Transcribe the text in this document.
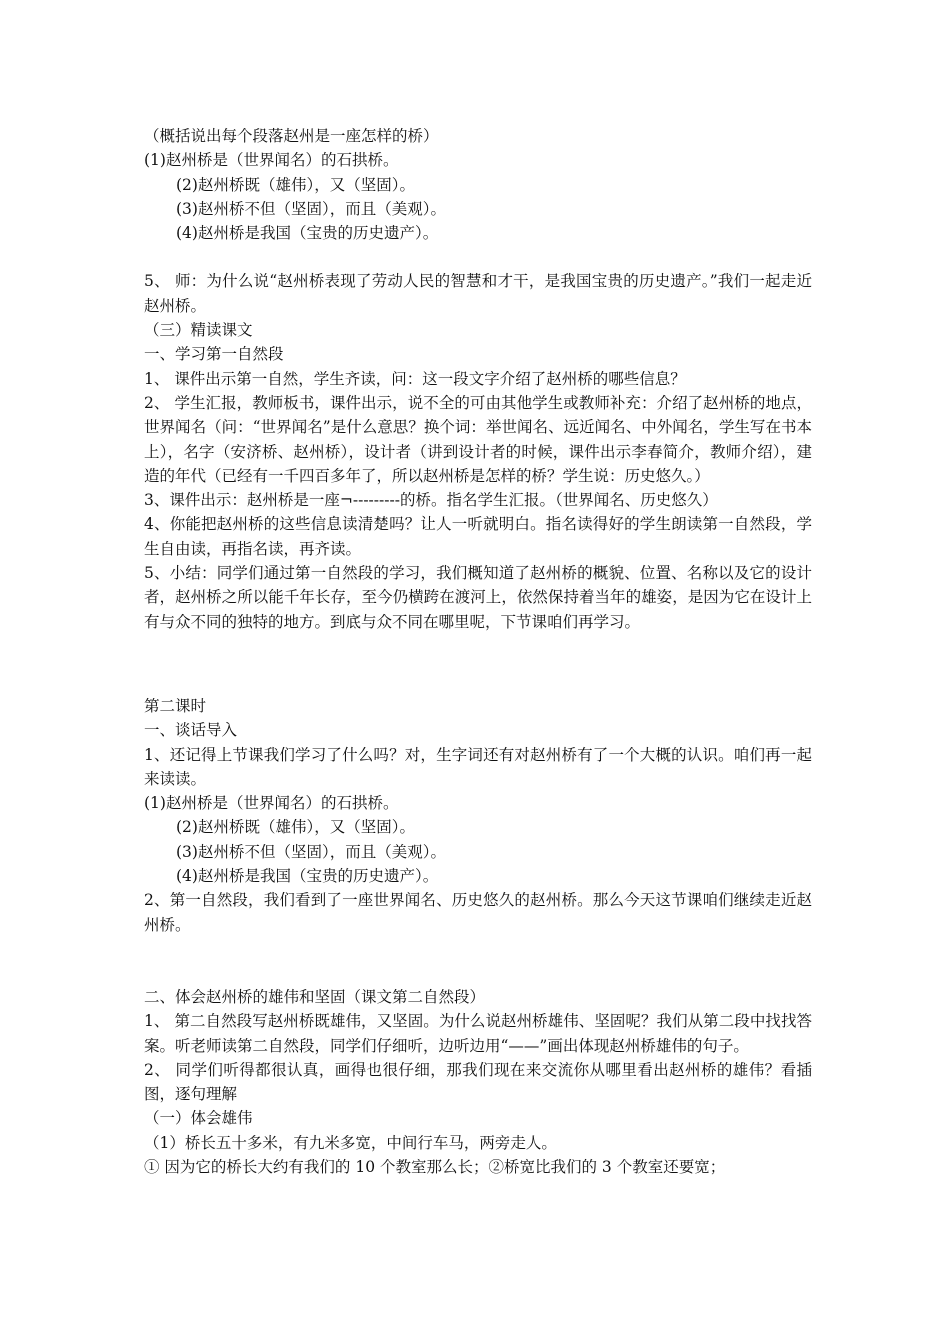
（概括说出每个段落赵州是一座怎样的桥）

(1)赵州桥是（世界闻名）的石拱桥。

(2)赵州桥既（雄伟），又（坚固）。

(3)赵州桥不但（坚固），而且（美观）。

(4)赵州桥是我国（宝贵的历史遗产）。

5、 师：为什么说“赵州桥表现了劳动人民的智慧和才干，是我国宝贵的历史遗产。”我们一起走近赵州桥。

（三）精读课文

一、学习第一自然段

1、 课件出示第一自然，学生齐读，问：这一段文字介绍了赵州桥的哪些信息？

2、 学生汇报，教师板书，课件出示，说不全的可由其他学生或教师补充：介绍了赵州桥的地点，世界闻名（问：“世界闻名”是什么意思？换个词：举世闻名、远近闻名、中外闻名，学生写在书本上），名字（安济桥、赵州桥），设计者（讲到设计者的时候，课件出示李春简介，教师介绍），建造的年代（已经有一千四百多年了，所以赵州桥是怎样的桥？学生说：历史悠久。）

3、课件出示：赵州桥是一座¬---------的桥。指名学生汇报。（世界闻名、历史悠久）

4、你能把赵州桥的这些信息读清楚吗？让人一听就明白。指名读得好的学生朗读第一自然段，学生自由读，再指名读，再齐读。

5、小结：同学们通过第一自然段的学习，我们概知道了赵州桥的概貌、位置、名称以及它的设计者，赵州桥之所以能千年长存，至今仍横跨在渡河上，依然保持着当年的雄姿，是因为它在设计上有与众不同的独特的地方。到底与众不同在哪里呢，下节课咱们再学习。

第二课时

一、谈话导入

1、还记得上节课我们学习了什么吗？对，生字词还有对赵州桥有了一个大概的认识。咱们再一起来读读。

(1)赵州桥是（世界闻名）的石拱桥。

(2)赵州桥既（雄伟），又（坚固）。

(3)赵州桥不但（坚固），而且（美观）。

(4)赵州桥是我国（宝贵的历史遗产）。

2、第一自然段，我们看到了一座世界闻名、历史悠久的赵州桥。那么今天这节课咱们继续走近赵州桥。

二、体会赵州桥的雄伟和坚固（课文第二自然段）

1、 第二自然段写赵州桥既雄伟，又坚固。为什么说赵州桥雄伟、坚固呢？我们从第二段中找找答案。听老师读第二自然段，同学们仔细听，边听边用“——”画出体现赵州桥雄伟的句子。

2、 同学们听得都很认真，画得也很仔细，那我们现在来交流你从哪里看出赵州桥的雄伟？看插图，逐句理解

（一）体会雄伟

（1）桥长五十多米，有九米多宽，中间行车马，两旁走人。

① 因为它的桥长大约有我们的 10 个教室那么长；②桥宽比我们的 3 个教室还要宽；
